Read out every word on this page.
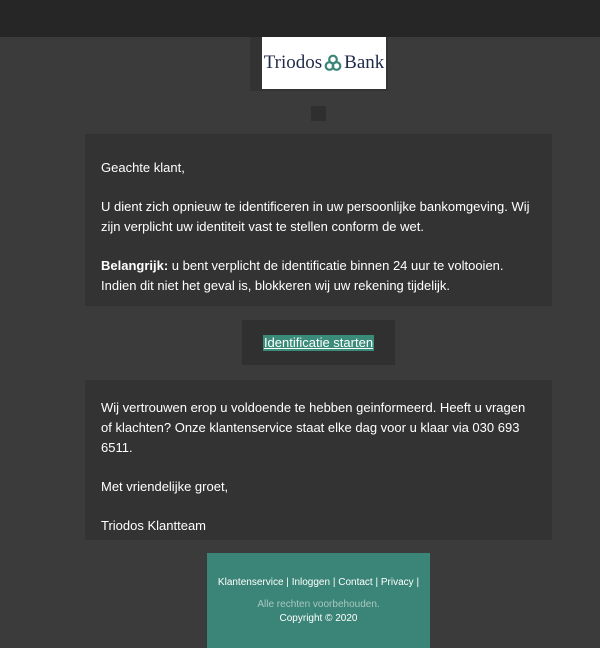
Triodos Bank

Geachte klant,

U dient zich opnieuw te identificeren in uw persoonlijke bankomgeving. Wij zijn verplicht uw identiteit vast te stellen conform de wet.

Belangrijk: u bent verplicht de identificatie binnen 24 uur te voltooien. Indien dit niet het geval is, blokkeren wij uw rekening tijdelijk.

Identificatie starten

Wij vertrouwen erop u voldoende te hebben geinformeerd. Heeft u vragen of klachten? Onze klantenservice staat elke dag voor u klaar via 030 693 6511.

Met vriendelijke groet,

Triodos Klantteam

Klantenservice | Inloggen | Contact | Privacy |
Alle rechten voorbehouden.
Copyright © 2020
